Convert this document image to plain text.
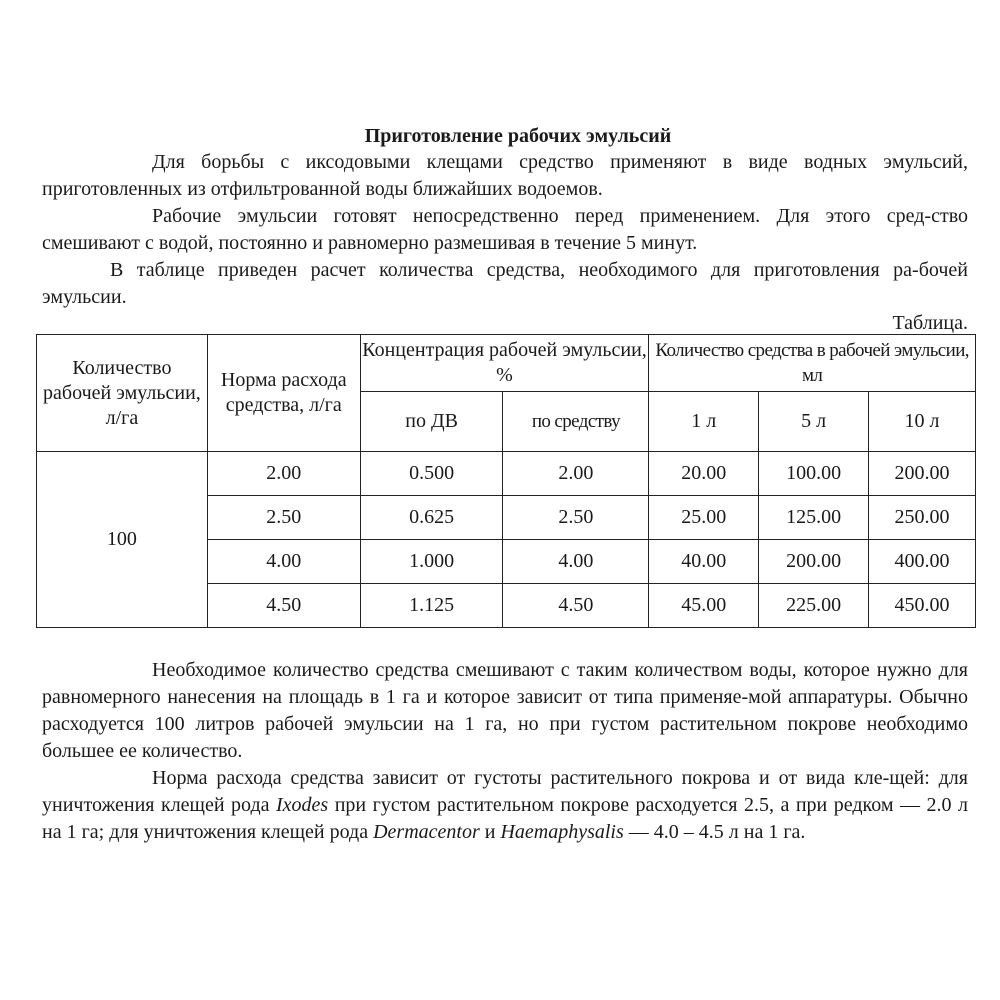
Приготовление рабочих эмульсий
Для борьбы с иксодовыми клещами средство применяют в виде водных эмульсий, приготовленных из отфильтрованной воды ближайших водоемов.
Рабочие эмульсии готовят непосредственно перед применением. Для этого сред-ство смешивают с водой, постоянно и равномерно размешивая в течение 5 минут.
В таблице приведен расчет количества средства, необходимого для приготовления ра-бочей эмульсии.
Таблица.
Количество рабочей эмульсии, л/га	Норма расхода средства, л/га	Концентрация рабочей эмульсии, %		Количество средства в рабочей эмульсии, мл		
		по ДВ	по средству	1 л	5 л	10 л
100	2.00	0.500	2.00	20.00	100.00	200.00
	2.50	0.625	2.50	25.00	125.00	250.00
	4.00	1.000	4.00	40.00	200.00	400.00
	4.50	1.125	4.50	45.00	225.00	450.00
Необходимое количество средства смешивают с таким количеством воды, которое нужно для равномерного нанесения на площадь в 1 га и которое зависит от типа применяе-мой аппаратуры. Обычно расходуется 100 литров рабочей эмульсии на 1 га, но при густом растительном покрове необходимо большее ее количество.
Норма расхода средства зависит от густоты растительного покрова и от вида кле-щей: для уничтожения клещей рода Ixodes при густом растительном покрове расходуется 2.5, а при редком — 2.0 л на 1 га; для уничтожения клещей рода Dermacentor и Haemaphysalis — 4.0 – 4.5 л на 1 га.
